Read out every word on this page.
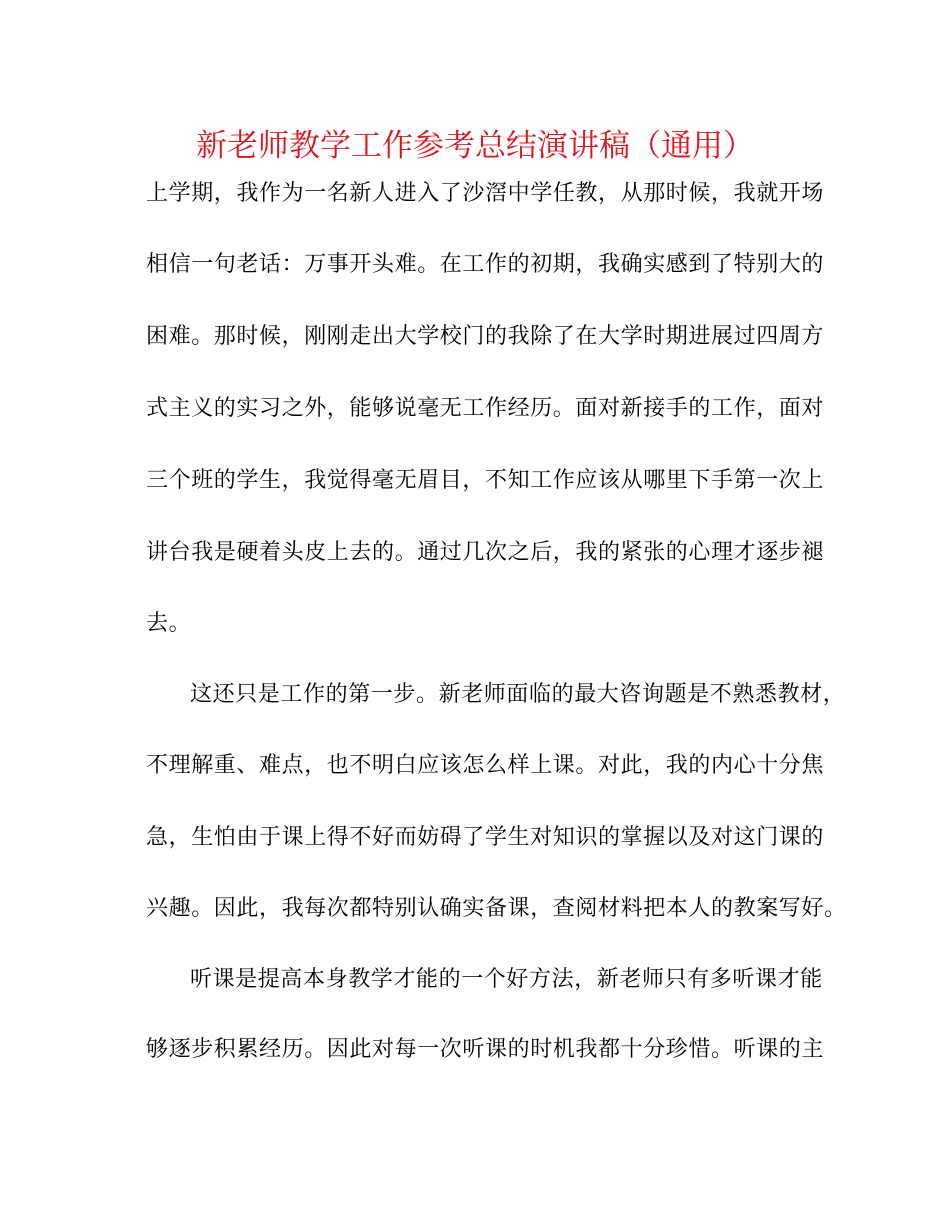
新老师教学工作参考总结演讲稿（通用）
上学期，我作为一名新人进入了沙滘中学任教，从那时候，我就开场
相信一句老话：万事开头难。在工作的初期，我确实感到了特别大的
困难。那时候，刚刚走出大学校门的我除了在大学时期进展过四周方
式主义的实习之外，能够说毫无工作经历。面对新接手的工作，面对
三个班的学生，我觉得毫无眉目，不知工作应该从哪里下手第一次上
讲台我是硬着头皮上去的。通过几次之后，我的紧张的心理才逐步褪
去。
这还只是工作的第一步。新老师面临的最大咨询题是不熟悉教材，
不理解重、难点，也不明白应该怎么样上课。对此，我的内心十分焦
急，生怕由于课上得不好而妨碍了学生对知识的掌握以及对这门课的
兴趣。因此，我每次都特别认确实备课，查阅材料把本人的教案写好。
听课是提高本身教学才能的一个好方法，新老师只有多听课才能
够逐步积累经历。因此对每一次听课的时机我都十分珍惜。听课的主
